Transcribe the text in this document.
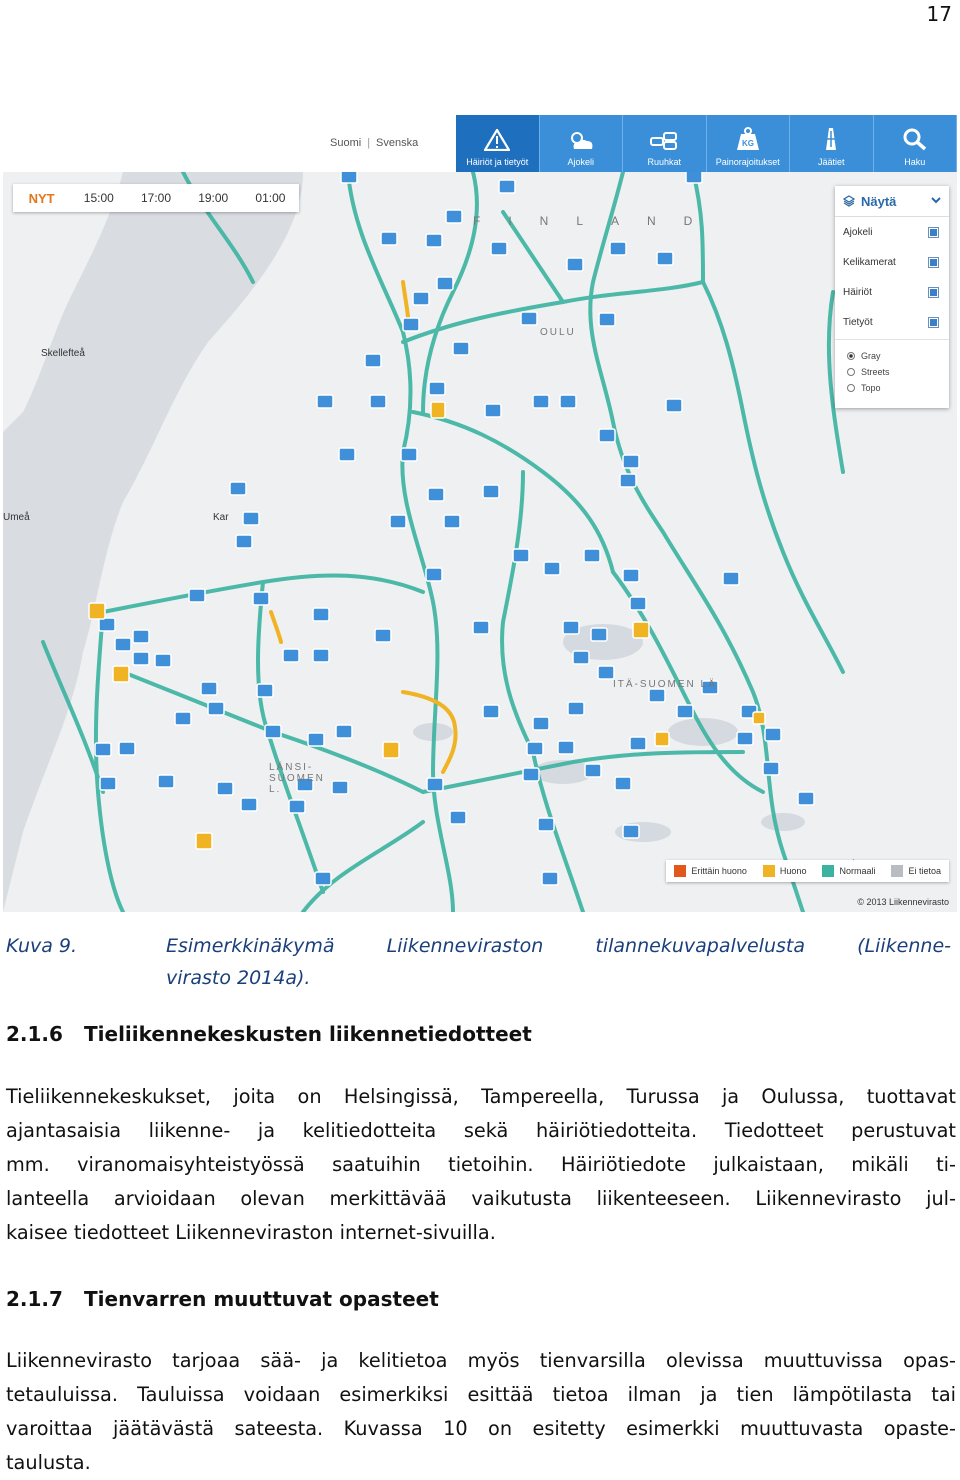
17
Suomi | Svenska
Häiriöt ja tietyöt	Ajokeli	Ruuhkat
KG
Painorajoitukset	Jäätiet	Haku
FINLAND
Skellefteå
Umeå	Kar
OULU
LÄNSI-SUOMEN L.
ITÄ-SUOMEN LÄ
NYT	15:00	17:00	19:00	01:00	Näytä
Ajokeli
Kelikamerat
Häiriöt
Tietyöt
Gray
Streets
Topo
Erittäin huono	Huono	Normaali	Ei tietoa
© 2013 Liikennevirasto
Kuva 9.	Esimerkkinäkymä Liikenneviraston tilannekuvapalvelusta (Liikenne-
virasto 2014a).
2.1.6 Tieliikennekeskusten liikennetiedotteet
Tieliikennekeskukset, joita on Helsingissä, Tampereella, Turussa ja Oulussa, tuottavat
ajantasaisia liikenne- ja kelitiedotteita sekä häiriötiedotteita. Tiedotteet perustuvat
mm. viranomaisyhteistyössä saatuihin tietoihin. Häiriötiedote julkaistaan, mikäli ti-
lanteella arvioidaan olevan merkittävää vaikutusta liikenteeseen. Liikennevirasto jul-
kaisee tiedotteet Liikenneviraston internet-sivuilla.
2.1.7 Tienvarren muuttuvat opasteet
Liikennevirasto tarjoaa sää- ja kelitietoa myös tienvarsilla olevissa muuttuvissa opas-
tetauluissa. Tauluissa voidaan esimerkiksi esittää tietoa ilman ja tien lämpötilasta tai
varoittaa jäätävästä sateesta. Kuvassa 10 on esitetty esimerkki muuttuvasta opaste-
taulusta.
